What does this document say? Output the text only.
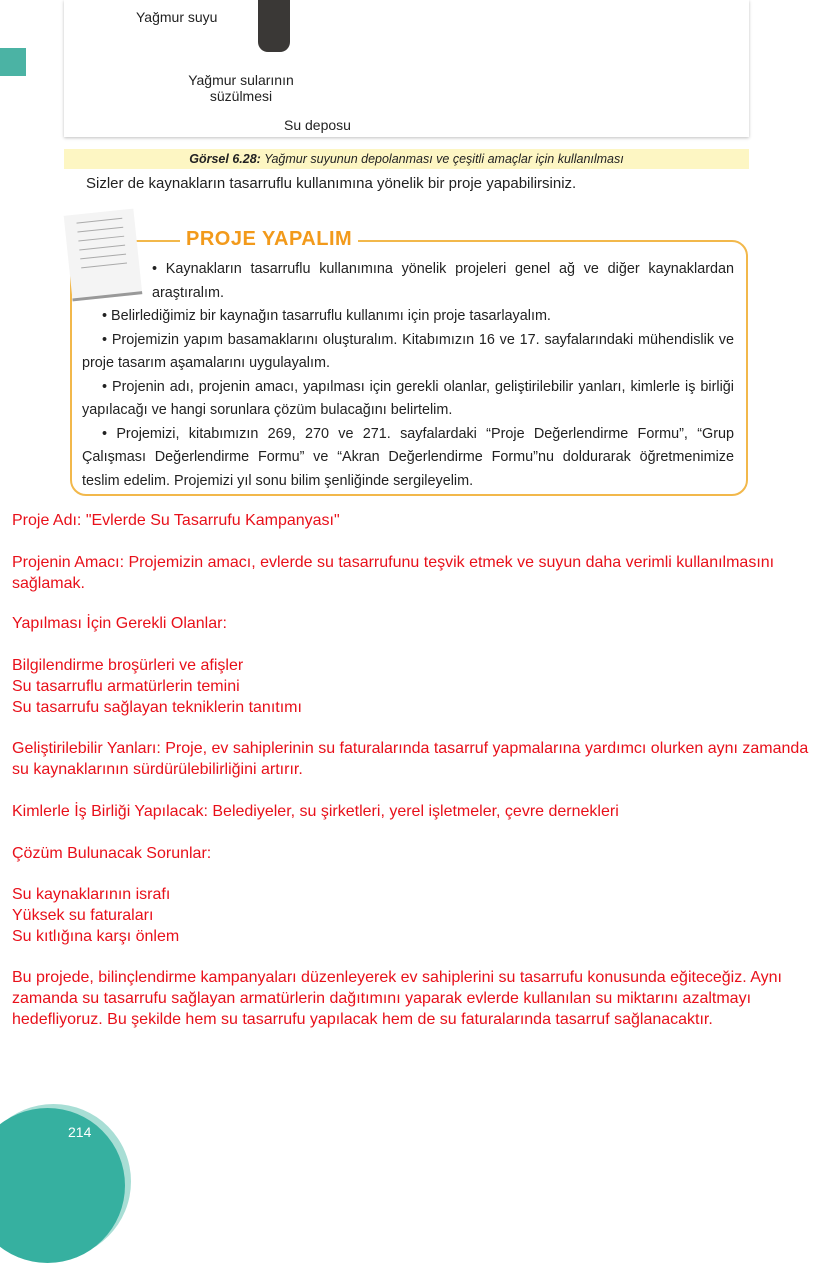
Yağmur suyu
Yağmur sularının
süzülmesi
Su deposu
Görsel 6.28: Yağmur suyunun depolanması ve çeşitli amaçlar için kullanılması
Sizler de kaynakların tasarruflu kullanımına yönelik bir proje yapabilirsiniz.
PROJE YAPALIM

• Kaynakların tasarruflu kullanımına yönelik projeleri genel ağ ve diğer kaynaklardan araştıralım.

• Belirlediğimiz bir kaynağın tasarruflu kullanımı için proje tasarlayalım.

• Projemizin yapım basamaklarını oluşturalım. Kitabımızın 16 ve 17. sayfalarındaki mühendislik ve proje tasarım aşamalarını uygulayalım.

• Projenin adı, projenin amacı, yapılması için gerekli olanlar, geliştirilebilir yanları, kimlerle iş birliği yapılacağı ve hangi sorunlara çözüm bulacağını belirtelim.

• Projemizi, kitabımızın 269, 270 ve 271. sayfalardaki “Proje Değerlendirme Formu”, “Grup Çalışması Değerlendirme Formu” ve “Akran Değerlendirme Formu”nu doldurarak öğretmenimize teslim edelim. Projemizi yıl sonu bilim şenliğinde sergileyelim.

Proje Adı: "Evlerde Su Tasarrufu Kampanyası"
Projenin Amacı: Projemizin amacı, evlerde su tasarrufunu teşvik etmek ve suyun daha verimli kullanılmasını sağlamak.
Yapılması İçin Gerekli Olanlar:
Bilgilendirme broşürleri ve afişler
Su tasarruflu armatürlerin temini
Su tasarrufu sağlayan tekniklerin tanıtımı
Geliştirilebilir Yanları: Proje, ev sahiplerinin su faturalarında tasarruf yapmalarına yardımcı olurken aynı zamanda su kaynaklarının sürdürülebilirliğini artırır.
Kimlerle İş Birliği Yapılacak: Belediyeler, su şirketleri, yerel işletmeler, çevre dernekleri
Çözüm Bulunacak Sorunlar:
Su kaynaklarının israfı
Yüksek su faturaları
Su kıtlığına karşı önlem
Bu projede, bilinçlendirme kampanyaları düzenleyerek ev sahiplerini su tasarrufu konusunda eğiteceğiz. Aynı zamanda su tasarrufu sağlayan armatürlerin dağıtımını yaparak evlerde kullanılan su miktarını azaltmayı hedefliyoruz. Bu şekilde hem su tasarrufu yapılacak hem de su faturalarında tasarruf sağlanacaktır.
214
